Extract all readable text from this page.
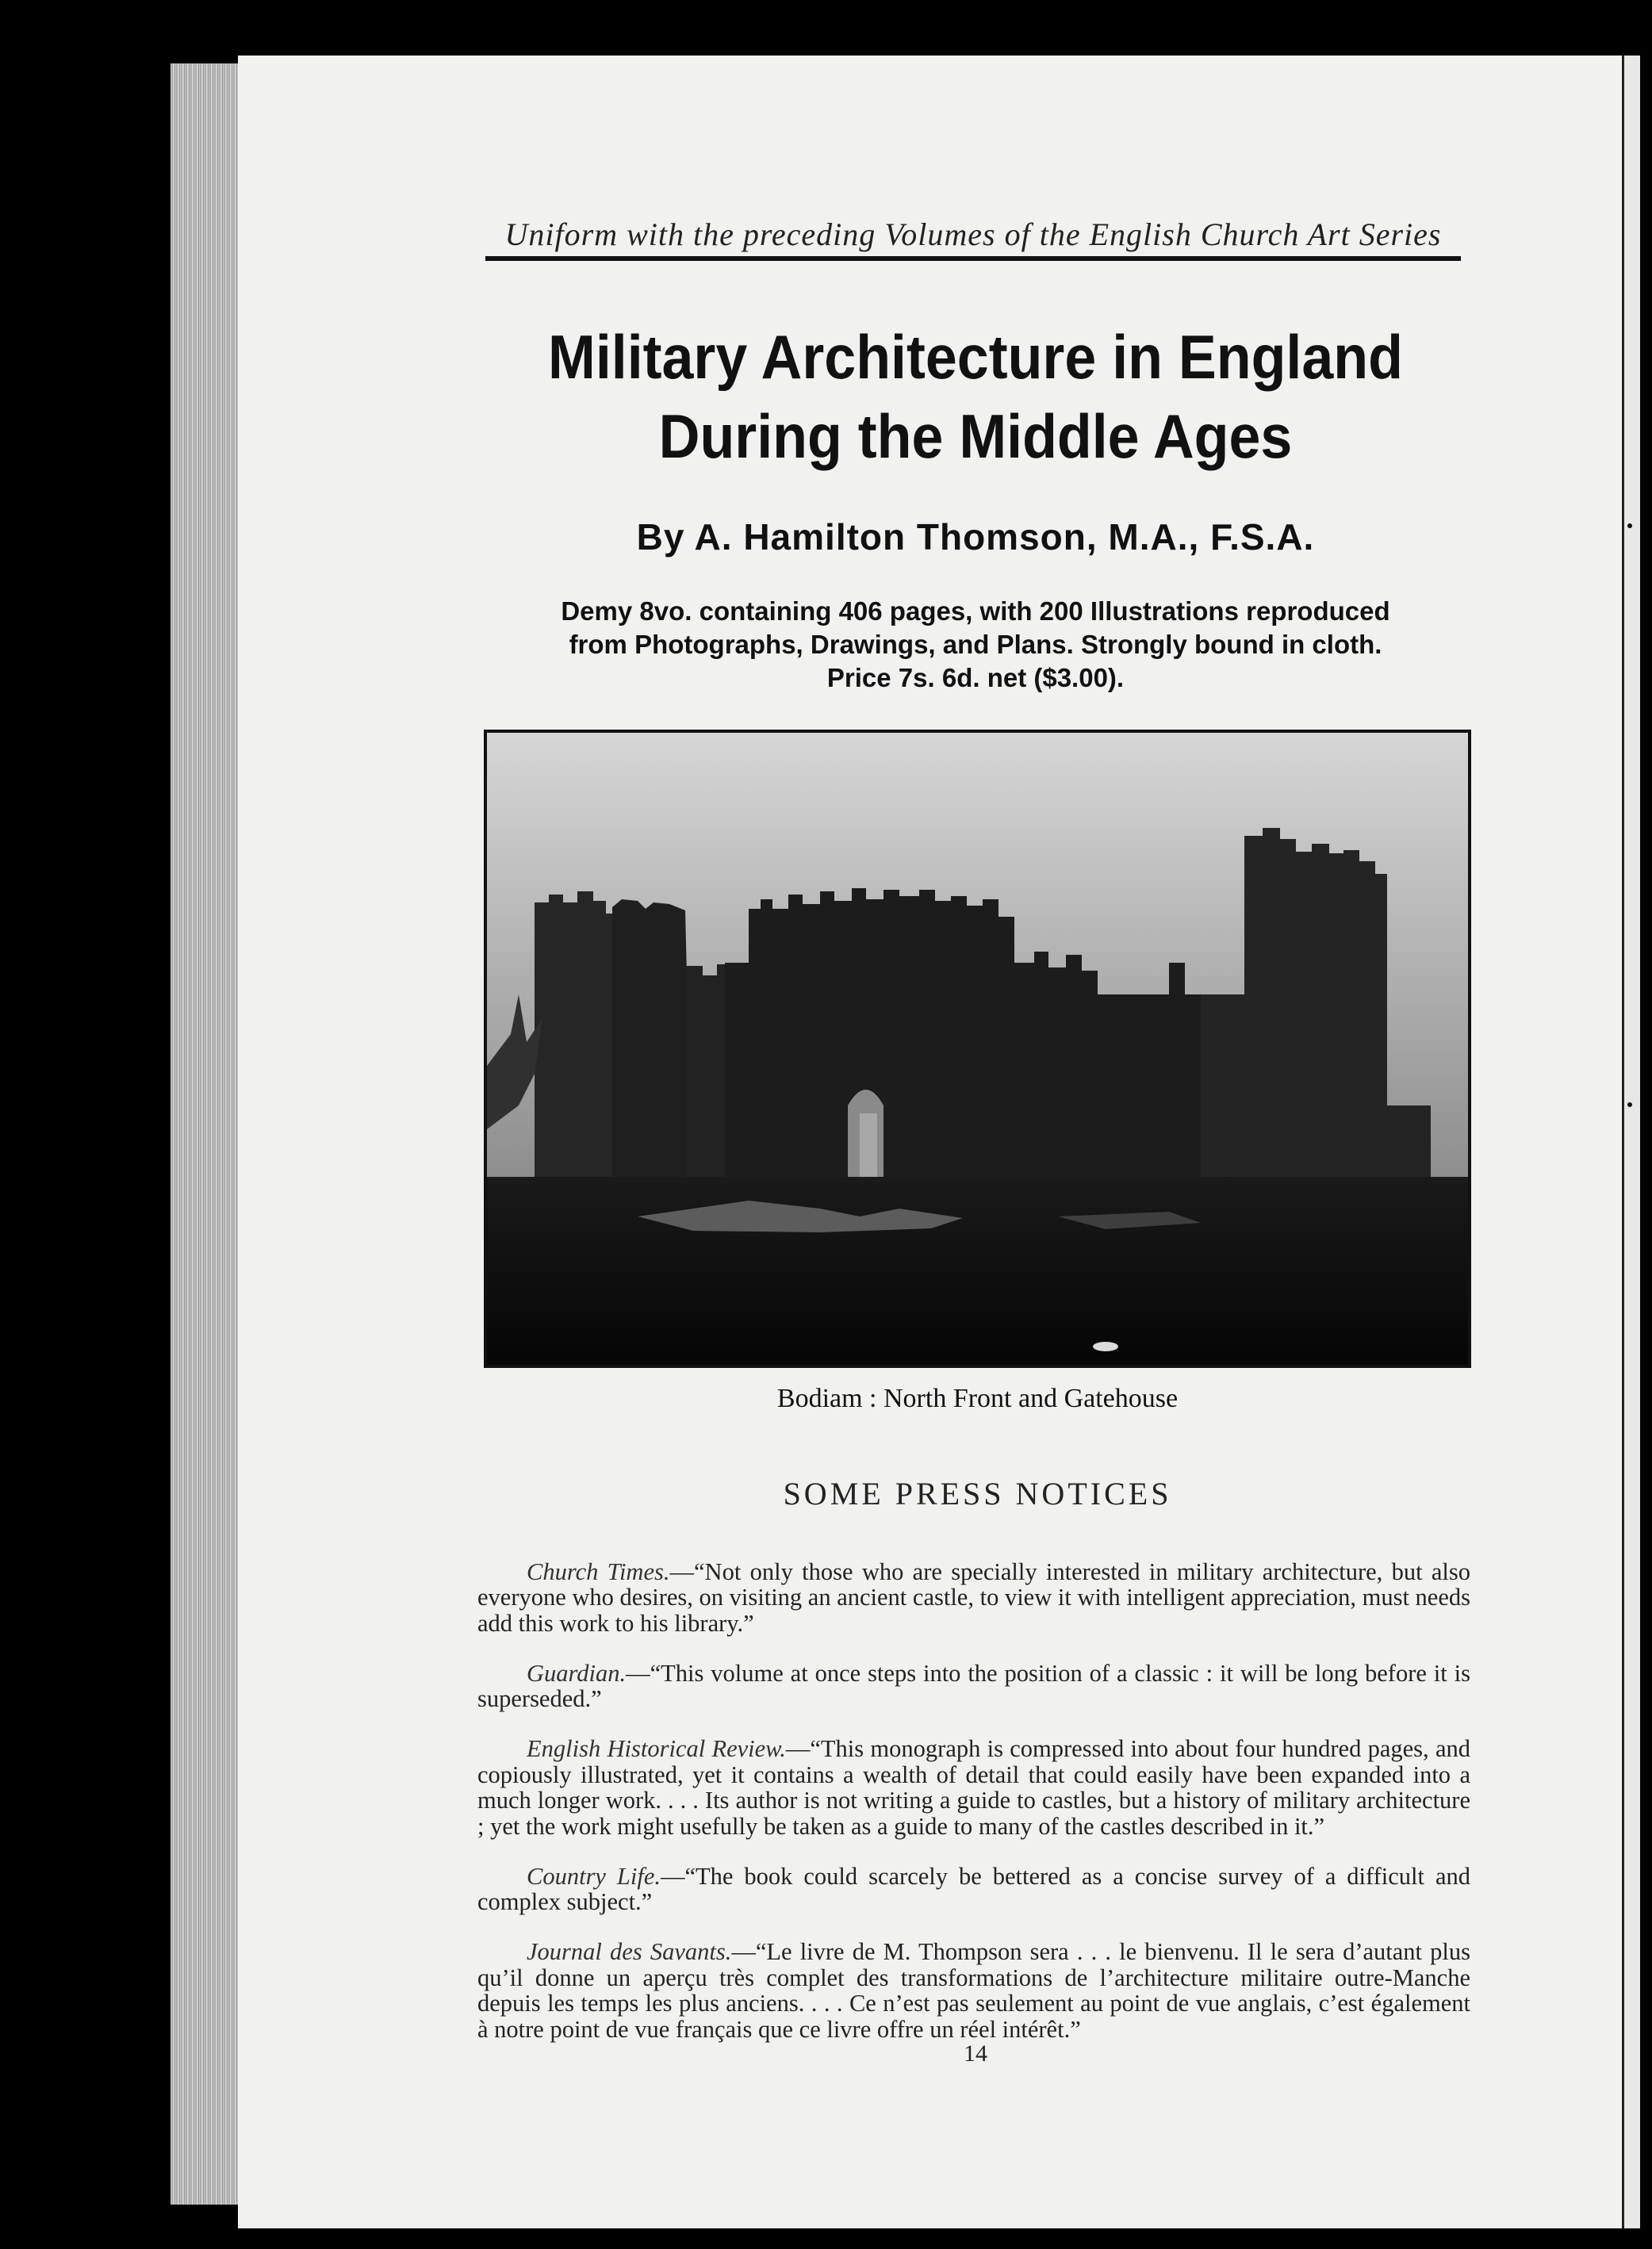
Uniform with the preceding Volumes of the English Church Art Series
Military Architecture in England
During the Middle Ages
By A. Hamilton Thomson, M.A., F.S.A.
Demy 8vo. containing 406 pages, with 200 Illustrations reproduced
from Photographs, Drawings, and Plans. Strongly bound in cloth.
Price 7s. 6d. net ($3.00).
Bodiam : North Front and Gatehouse
SOME PRESS NOTICES

Church Times.—“Not only those who are specially interested in military architecture, but also everyone who desires, on visiting an ancient castle, to view it with intelligent appreciation, must needs add this work to his library.”

Guardian.—“This volume at once steps into the position of a classic : it will be long before it is superseded.”

English Historical Review.—“This monograph is compressed into about four hundred pages, and copiously illustrated, yet it contains a wealth of detail that could easily have been expanded into a much longer work. . . . Its author is not writing a guide to castles, but a history of military architecture ; yet the work might usefully be taken as a guide to many of the castles described in it.”

Country Life.—“The book could scarcely be bettered as a concise survey of a difficult and complex subject.”

Journal des Savants.—“Le livre de M. Thompson sera . . . le bienvenu. Il le sera d’autant plus qu’il donne un aperçu très complet des transformations de l’architecture militaire outre-Manche depuis les temps les plus anciens. . . . Ce n’est pas seulement au point de vue anglais, c’est également à notre point de vue français que ce livre offre un réel intérêt.”

14
